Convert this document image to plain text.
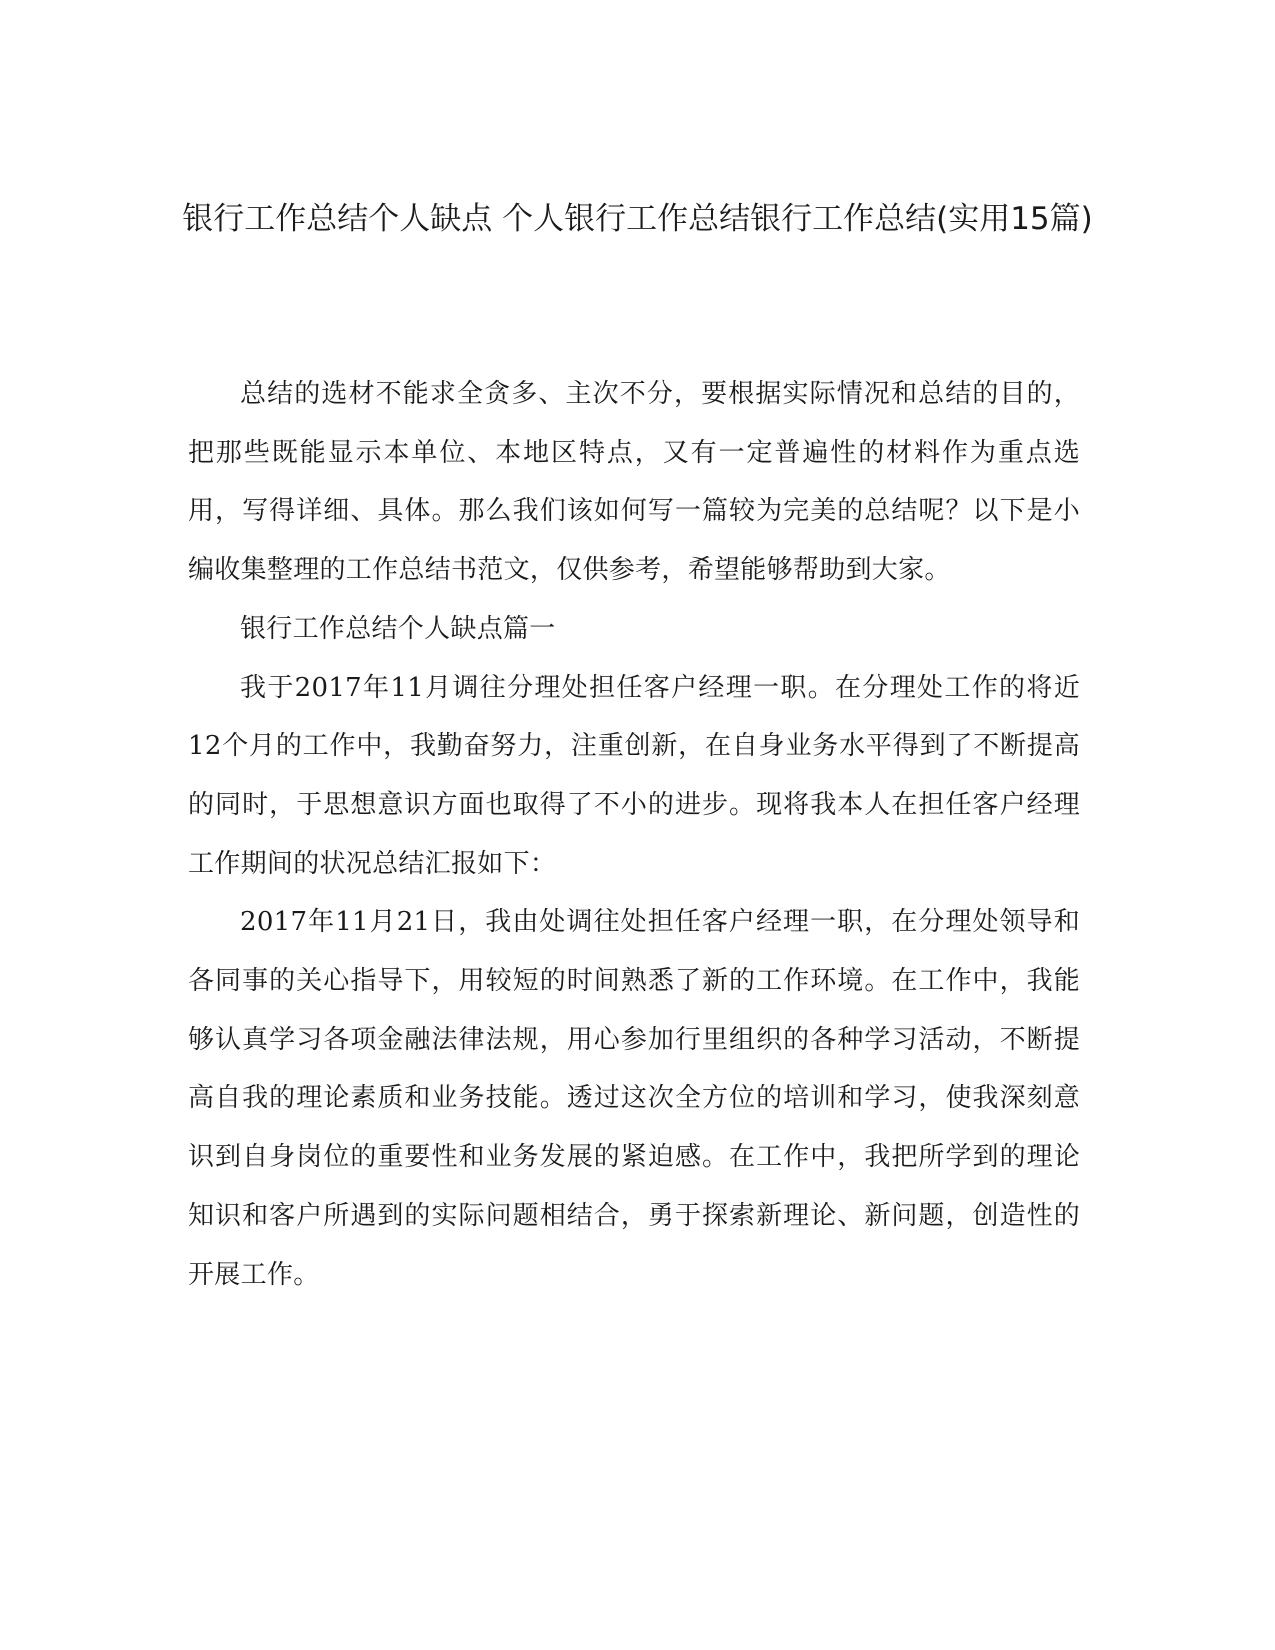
银行工作总结个人缺点 个人银行工作总结银行工作总结(实用15篇)

总结的选材不能求全贪多、主次不分，要根据实际情况和总结的目的，把那些既能显示本单位、本地区特点，又有一定普遍性的材料作为重点选用，写得详细、具体。那么我们该如何写一篇较为完美的总结呢？以下是小编收集整理的工作总结书范文，仅供参考，希望能够帮助到大家。

银行工作总结个人缺点篇一

我于2017年11月调往分理处担任客户经理一职。在分理处工作的将近12个月的工作中，我勤奋努力，注重创新，在自身业务水平得到了不断提高的同时，于思想意识方面也取得了不小的进步。现将我本人在担任客户经理工作期间的状况总结汇报如下：

2017年11月21日，我由处调往处担任客户经理一职，在分理处领导和各同事的关心指导下，用较短的时间熟悉了新的工作环境。在工作中，我能够认真学习各项金融法律法规，用心参加行里组织的各种学习活动，不断提高自我的理论素质和业务技能。透过这次全方位的培训和学习，使我深刻意识到自身岗位的重要性和业务发展的紧迫感。在工作中，我把所学到的理论知识和客户所遇到的实际问题相结合，勇于探索新理论、新问题，创造性的开展工作。
